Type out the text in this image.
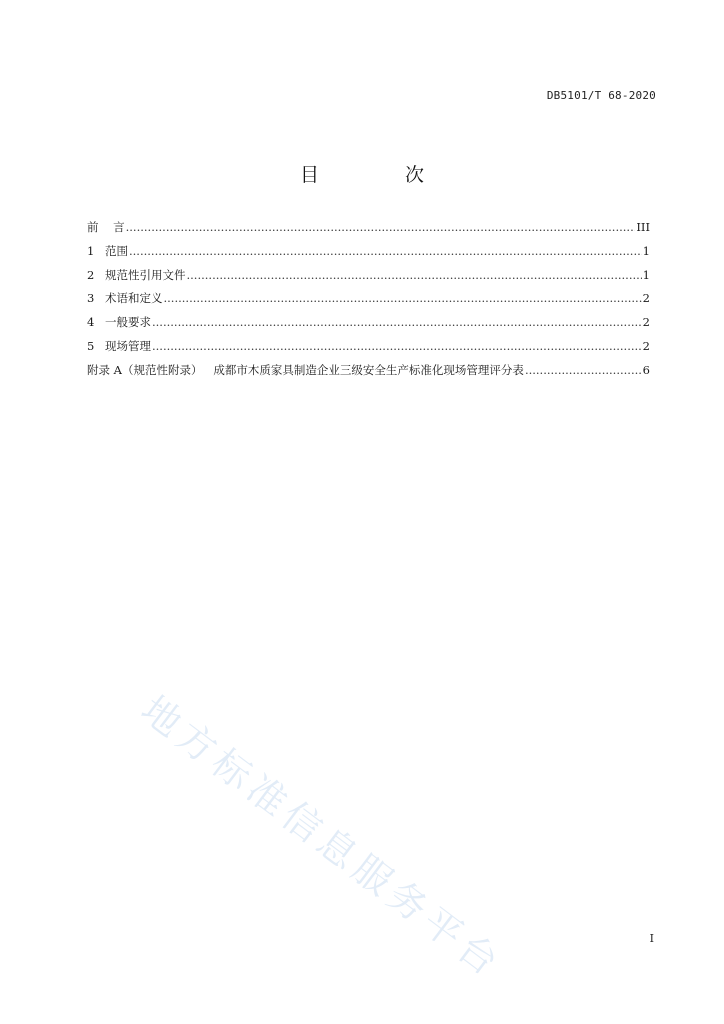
DB5101/T 68-2020
目 次
前    言 .....	III
1 范围 .....	1
2 规范性引用文件 .....	1
3 术语和定义 .....	2
4 一般要求 .....	2
5 现场管理 .....	2
附录 A（规范性附录）   成都市木质家具制造企业三级安全生产标准化现场管理评分表 .....	6
地方标准信息服务平台	I
